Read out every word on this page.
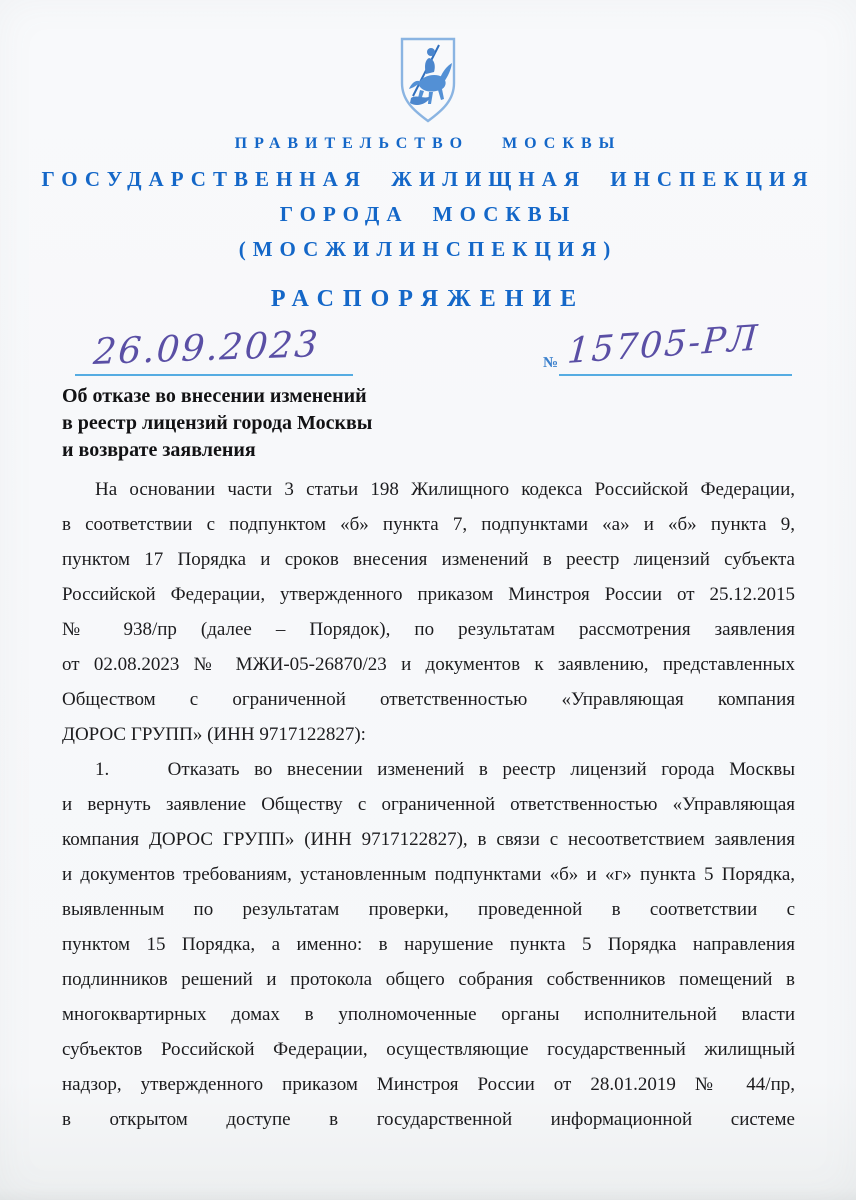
ПРАВИТЕЛЬСТВО МОСКВЫ
ГОСУДАРСТВЕННАЯ ЖИЛИЩНАЯ ИНСПЕКЦИЯ
ГОРОДА МОСКВЫ
(МОСЖИЛИНСПЕКЦИЯ)
РАСПОРЯЖЕНИЕ
26.09.2023	№ 15705-РЛ
Об отказе во внесении изменений
в реестр лицензий города Москвы
и возврате заявления
На основании части 3 статьи 198 Жилищного кодекса Российской Федерации,
в соответствии с подпунктом «б» пункта 7, подпунктами «а» и «б» пункта 9,
пунктом 17 Порядка и сроков внесения изменений в реестр лицензий субъекта
Российской Федерации, утвержденного приказом Минстроя России от 25.12.2015
№ 938/пр (далее – Порядок), по результатам рассмотрения заявления
от 02.08.2023 № МЖИ-05-26870/23 и документов к заявлению, представленных
Обществом с ограниченной ответственностью «Управляющая компания
ДОРОС ГРУПП» (ИНН 9717122827):
1.    Отказать во внесении изменений в реестр лицензий города Москвы
и вернуть заявление Обществу с ограниченной ответственностью «Управляющая
компания ДОРОС ГРУПП» (ИНН 9717122827), в связи с несоответствием заявления
и документов требованиям, установленным подпунктами «б» и «г» пункта 5 Порядка,
выявленным по результатам проверки, проведенной в соответствии с
пунктом 15 Порядка, а именно: в нарушение пункта 5 Порядка направления
подлинников решений и протокола общего собрания собственников помещений в
многоквартирных домах в уполномоченные органы исполнительной власти
субъектов Российской Федерации, осуществляющие государственный жилищный
надзор, утвержденного приказом Минстроя России от 28.01.2019 № 44/пр,
в открытом доступе в государственной информационной системе
